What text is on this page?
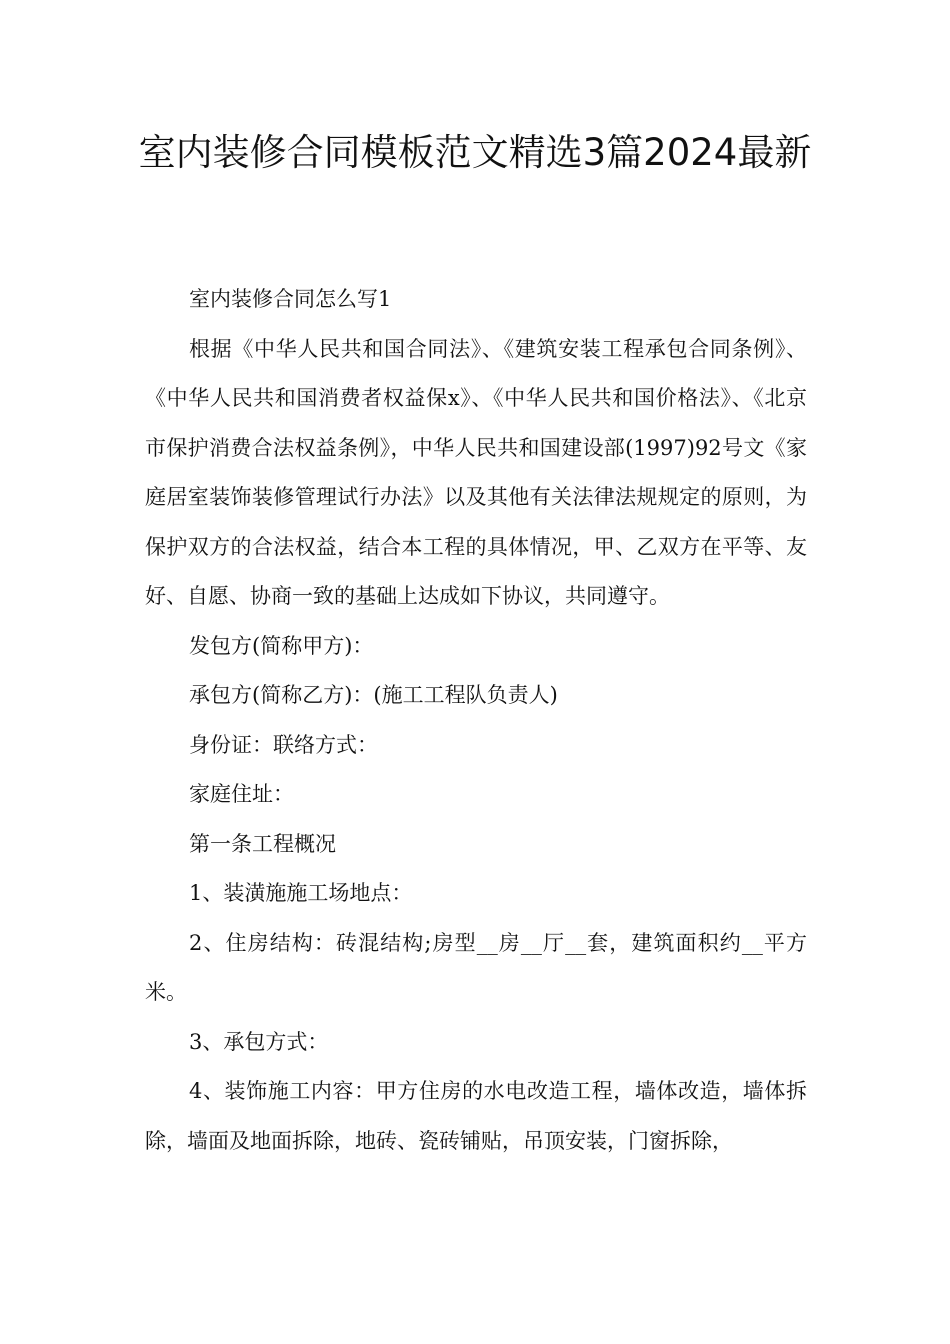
室内装修合同模板范文精选3篇2024最新

室内装修合同怎么写1

根据《中华人民共和国合同法》、《建筑安装工程承包合同条例》、《中华人民共和国消费者权益保x》、《中华人民共和国价格法》、《北京市保护消费合法权益条例》，中华人民共和国建设部(1997)92号文《家庭居室装饰装修管理试行办法》以及其他有关法律法规规定的原则，为保护双方的合法权益，结合本工程的具体情况，甲、乙双方在平等、友好、自愿、协商一致的基础上达成如下协议，共同遵守。

发包方(简称甲方)：

承包方(简称乙方)：(施工工程队负责人)

身份证：联络方式：

家庭住址：

第一条工程概况

1、装潢施施工场地点：

2、住房结构：砖混结构;房型__房__厅__套，建筑面积约__平方米。

3、承包方式：

4、装饰施工内容：甲方住房的水电改造工程，墙体改造，墙体拆除，墙面及地面拆除，地砖、瓷砖铺贴，吊顶安装，门窗拆除，
